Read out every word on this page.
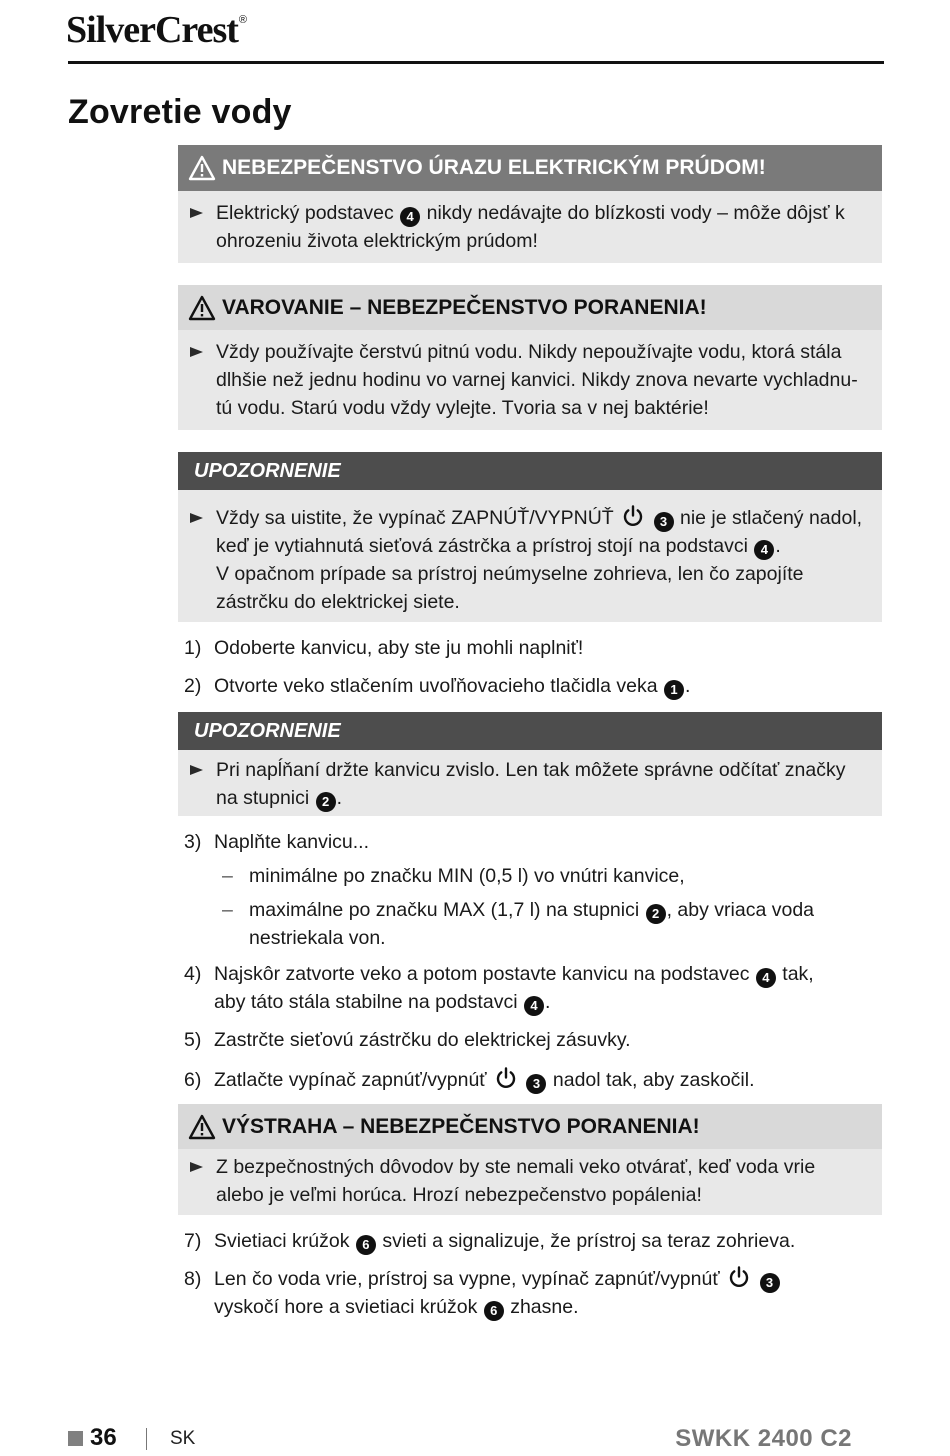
SilverCrest®
Zovretie vody
NEBEZPEČENSTVO ÚRAZU ELEKTRICKÝM PRÚDOM!
Elektrický podstavec 4 nikdy nedávajte do blízkosti vody – môže dôjsť k ohrozeniu života elektrickým prúdom!
VAROVANIE – NEBEZPEČENSTVO PORANENIA!
Vždy používajte čerstvú pitnú vodu. Nikdy nepoužívajte vodu, ktorá stála dlhšie než jednu hodinu vo varnej kanvici. Nikdy znova nevarte vychladnu-tú vodu. Starú vodu vždy vylejte. Tvoria sa v nej baktérie!
UPOZORNENIE
Vždy sa uistite, že vypínač ZAPNÚŤ/VYPNÚŤ	3 nie je stlačený nadol, keď je vytiahnutá sieťová zástrčka a prístroj stojí na podstavci 4 .
V opačnom prípade sa prístroj neúmyselne zohrieva, len čo zapojíte zástrčku do elektrickej siete.
1) Odoberte kanvicu, aby ste ju mohli naplniť!
2) Otvorte veko stlačením uvoľňovacieho tlačidla veka 1 .
UPOZORNENIE
Pri napĺňaní držte kanvicu zvislo. Len tak môžete správne odčítať značky na stupnici 2 .
3) Naplňte kanvicu...
– minimálne po značku MIN (0,5 l) vo vnútri kanvice,
– maximálne po značku MAX (1,7 l) na stupnici 2 , aby vriaca voda nestriekala von.
4) Najskôr zatvorte veko a potom postavte kanvicu na podstavec 4 tak, aby táto stála stabilne na podstavci 4 .
5) Zastrčte sieťovú zástrčku do elektrickej zásuvky.
6) Zatlačte vypínač zapnúť/vypnúť	3 nadol tak, aby zaskočil.
VÝSTRAHA – NEBEZPEČENSTVO PORANENIA!
Z bezpečnostných dôvodov by ste nemali veko otvárať, keď voda vrie alebo je veľmi horúca. Hrozí nebezpečenstvo popálenia!
7) Svietiaci krúžok 6 svieti a signalizuje, že prístroj sa teraz zohrieva.
8) Len čo voda vrie, prístroj sa vypne, vypínač zapnúť/vypnúť	3 vyskočí hore a svietiaci krúžok 6 zhasne.
36	SK	SWKK 2400 C2
